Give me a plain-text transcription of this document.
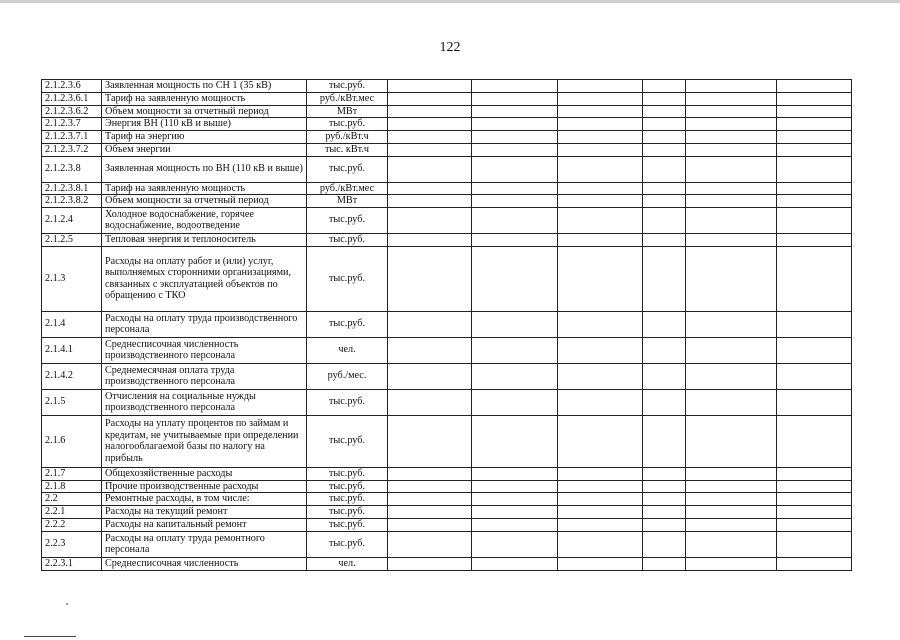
122
2.1.2.3.6	Заявленная мощность по СН 1 (35 кВ)	тыс.руб.						
2.1.2.3.6.1	Тариф на заявленную мощность	руб./кВт.мес						
2.1.2.3.6.2	Объем мощности за отчетный период	МВт						
2.1.2.3.7	Энергия ВН (110 кВ и выше)	тыс.руб.						
2.1.2.3.7.1	Тариф на энергию	руб./кВт.ч						
2.1.2.3.7.2	Объем энергии	тыс. кВт.ч						
2.1.2.3.8	Заявленная мощность по ВН (110 кВ и выше)	тыс.руб.						
2.1.2.3.8.1	Тариф на заявленную мощность	руб./кВт.мес						
2.1.2.3.8.2	Объем мощности за отчетный период	МВт						
2.1.2.4	Холодное водоснабжение, горячее водоснабжение, водоотведение	тыс.руб.						
2.1.2.5	Тепловая энергия и теплоноситель	тыс.руб.						
2.1.3	Расходы на оплату работ и (или) услуг, выполняемых сторонними организациями, связанных с эксплуатацией объектов по обращению с ТКО	тыс.руб.						
2.1.4	Расходы на оплату труда производственного персонала	тыс.руб.						
2.1.4.1	Среднесписочная численность производственного персонала	чел.						
2.1.4.2	Среднемесячная оплата труда производственного персонала	руб./мес.						
2.1.5	Отчисления на социальные нужды производственного персонала	тыс.руб.						
2.1.6	Расходы на уплату процентов по займам и кредитам, не учитываемые при определении налогооблагаемой базы по налогу на прибыль	тыс.руб.						
2.1.7	Общехозяйственные расходы	тыс.руб.						
2.1.8	Прочие производственные расходы	тыс.руб.						
2.2	Ремонтные расходы, в том числе:	тыс.руб.						
2.2.1	Расходы на текущий ремонт	тыс.руб.						
2.2.2	Расходы на капитальный ремонт	тыс.руб.						
2.2.3	Расходы на оплату труда ремонтного персонала	тыс.руб.						
2.2.3.1	Среднесписочная численность	чел.						
